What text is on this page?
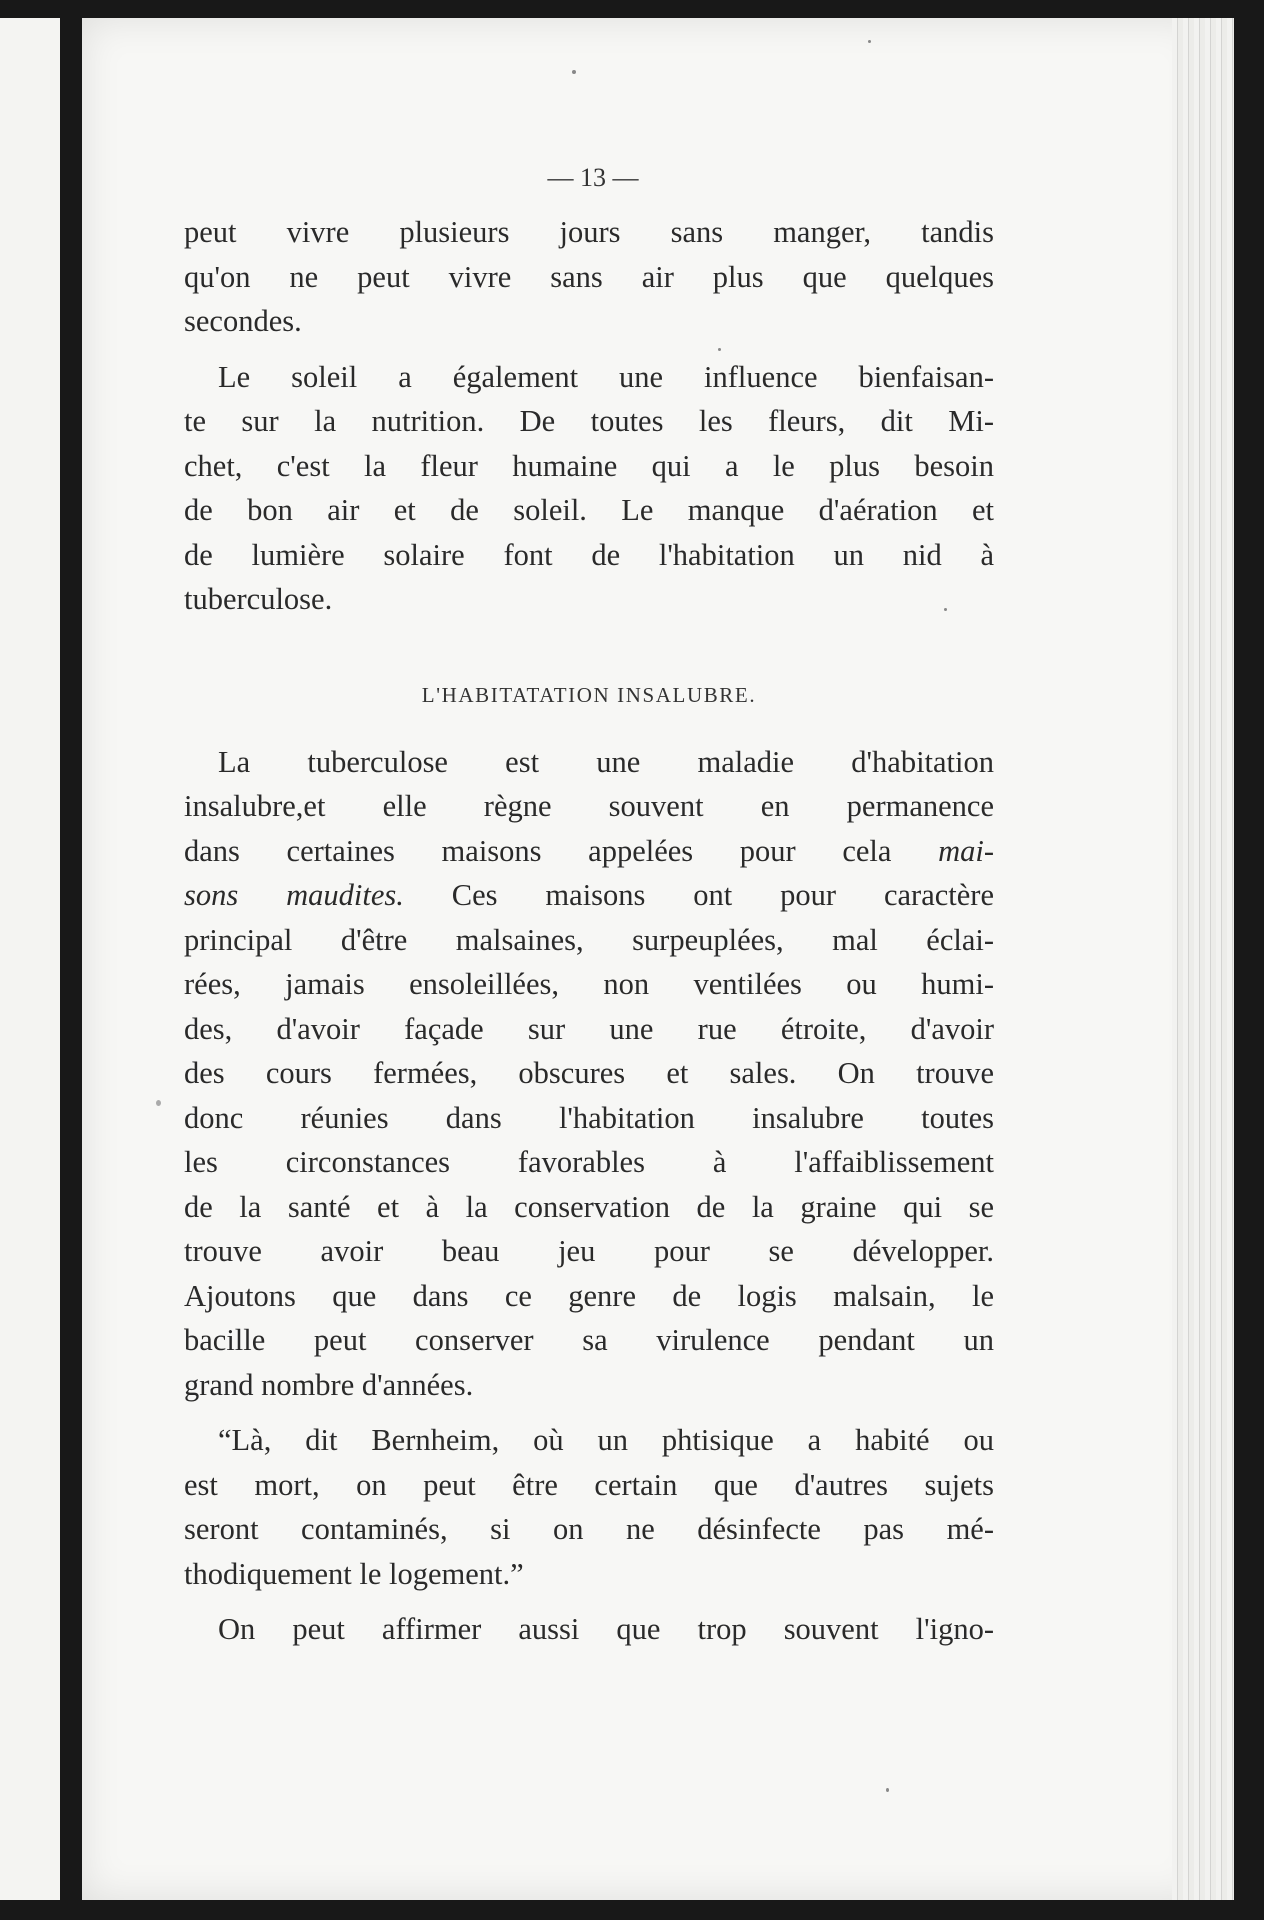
— 13 —

peut vivre plusieurs jours sans manger, tandis
qu'on ne peut vivre sans air plus que quelques
secondes.

Le soleil a également une influence bienfaisan-
te sur la nutrition. De toutes les fleurs, dit Mi-
chet, c'est la fleur humaine qui a le plus besoin
de bon air et de soleil. Le manque d'aération et
de lumière solaire font de l'habitation un nid à
tuberculose.

L'HABITATATION INSALUBRE.

La tuberculose est une maladie d'habitation
insalubre,et elle règne souvent en permanence
dans certaines maisons appelées pour cela mai-
sons maudites. Ces maisons ont pour caractère
principal d'être malsaines, surpeuplées, mal éclai-
rées, jamais ensoleillées, non ventilées ou humi-
des, d'avoir façade sur une rue étroite, d'avoir
des cours fermées, obscures et sales. On trouve
donc réunies dans l'habitation insalubre toutes
les circonstances favorables à l'affaiblissement
de la santé et à la conservation de la graine qui se
trouve avoir beau jeu pour se développer.
Ajoutons que dans ce genre de logis malsain, le
bacille peut conserver sa virulence pendant un
grand nombre d'années.

“Là, dit Bernheim, où un phtisique a habité ou
est mort, on peut être certain que d'autres sujets
seront contaminés, si on ne désinfecte pas mé-
thodiquement le logement.”

On peut affirmer aussi que trop souvent l'igno-
